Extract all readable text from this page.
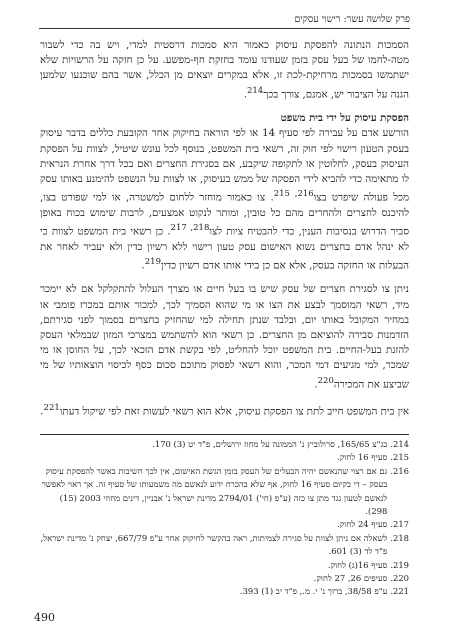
פרק שלושה עשר: רישוי עסקים

הסמכות הנתונה להפסקת עיסוק כאמור היא סמכות דרסטית למדי, ויש בה כדי לשבור מטה-לחמו של בעל עסק בזמן שעודנו עומד בחזקת חף-מפשע. על כן חזקה על הרשויות שלא ישתמשו בסמכות מרחיקת-לכת זו, אלא במקרים יוצאים מן הכלל, אשר בהם שוכנעו שלמען הגנה על הציבור יש, אמנם, צורך בכך$^{214}$.

הפסקת עיסוק על ידי בית משפט

הורשע אדם על עבירה לפי סעיף 14 או לפי הוראה בחיקוק אחר הקובעת כללים בדבר עיסוק בעסק הטעון רישוי לפי חוק זה, רשאי בית המשפט, בנוסף לכל עונש שיטיל, לצוות על הפסקת העיסוק בעסק, לחלוטין או לתקופה שיקבע, אם בסגירת החצרים ואם בכל דרך אחרת הנראית לו מתאימה כדי להביא לידי הפסקה של ממש בעיסוק, או לצוות על הנשפט להימנע באותו עסק מכל פעולה שיפרט בצו$^{216, 215}$. צו כאמור מוחזר ללחום למשטרה, או למי שפורט בצו, להיכנס לחצרים ולהחרים מהם כל טובין, ומותר לנקוט אמצעים, לרבות שימוש בכוח באופן סביר הדרוש בנסיבות הענין, כדי להבטיח ציות לצו$^{218, 217}$. כן רשאי בית המשפט לצוות כי לא ינהל אדם בחצרים נשוא האישום עסק טעון רישוי ללא רשיון כדין ולא יעביר לאחר את הבעלות או החזקה בעסק, אלא אם כן בידי אותו אדם רשיון כדין$^{219}$.

ניתן צו לסגירת חצרים של עסק שיש בו בעל חיים או מצרך העלול להתקלקל אם לא יימכר מיד, רשאי המוסמך לבצע את הצו או מי שהוא הסמיך לכך, למכור אותם במכרז פומבי או במחיר המקובל באותו יום, ובלבד שנתן תחילה למי שהחזיק בחצרים בסמוך לפני סגירתם, הזדמנות סבירה להוציאם מן החצרים. כן רשאי הוא להשתמש במצרכי המזון שבמלאי העסק להזנת בעל-החיים. בית המשפט יוכל להחליט, לפי בקשת אדם הזכאי לכך, על החוסן או מי שמכר, למי מגיעים דמי המכר, והוא רשאי לפסוק מתוכם סכום כסף לכיסוי הוצאותיו של מי שביצע את המכירה$^{220}$.

אין בית המשפט חייב לתת צו הפסקת עיסוק, אלא הוא רשאי לעשות זאת לפי שיקול דעתו$^{221}$.

214.
בג"צ 165/65, סרולוביץ נ' הממונה על מחוז ירושלים, פ"ד יט (3) 170.
215.
סעיף 16 לחוק.
216.
גם אם רצוי שהנאשם יהיה הבעלים של העסק בזמן הגשת האישום, אין לכך חשיבות באשר להפסקת עיסוק בעסק – די בקיום סעיף 16 לחוק, אף שלא בהכרח ידוע לנאשם מה משמעותו של סעיף זה. אך ראוי לאפשר לנאשם לטעון נגד מתן צו כזה (ע"פ (חי') 2794/01 מדינת ישראל נ' אבניין, דינים מחוזי 2003 (15) 298).
217.
סעיף 24 לחוק.
218.
לשאלה אם ניתן לצוות על סגירה לצמיתות, ראה בהקשר לחיקוק אחר ע"פ 667/79, יצחק נ' מדינת ישראל, פ"ד לד (3) 601.
219.
סעיף 16(ג) לחוק.
220.
סעיפים 26, 27 לחוק.
221.
ע"פ 38/58, ברוך נ' י. מ., פ"ד יב (1) 393.
490
